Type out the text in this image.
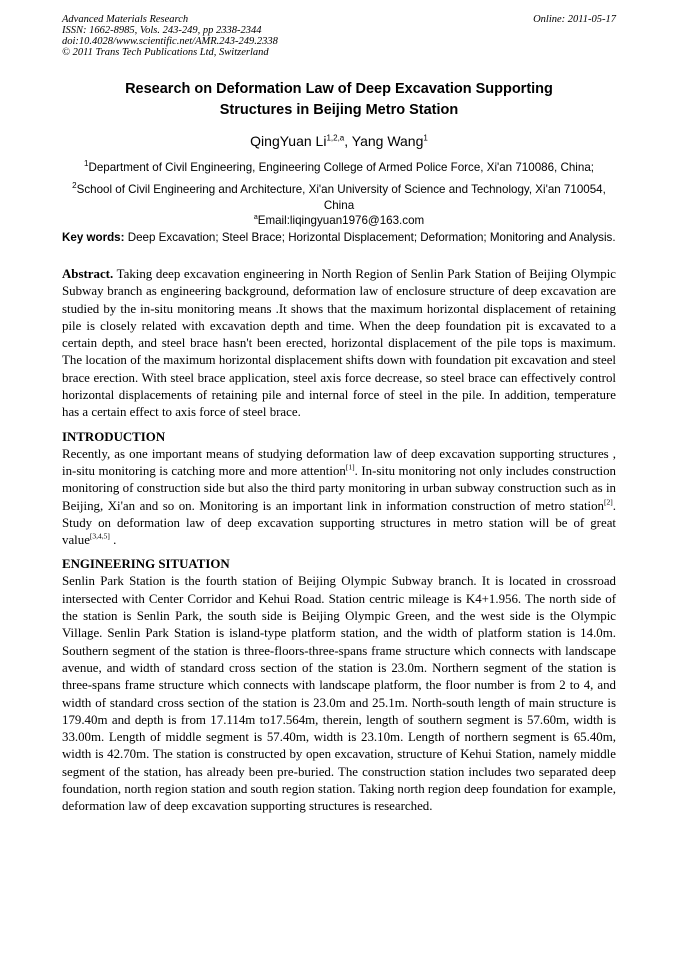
Advanced Materials Research
ISSN: 1662-8985, Vols. 243-249, pp 2338-2344
doi:10.4028/www.scientific.net/AMR.243-249.2338
© 2011 Trans Tech Publications Ltd, Switzerland
Online: 2011-05-17
Research on Deformation Law of Deep Excavation Supporting
Structures in Beijing Metro Station
QingYuan Li$^{1,2,a}$, Yang Wang$^1$
$^1$Department of Civil Engineering, Engineering College of Armed Police Force, Xi'an 710086, China;
$^2$School of Civil Engineering and Architecture, Xi'an University of Science and Technology, Xi'an 710054, China
$^a$Email:liqingyuan1976@163.com
Key words: Deep Excavation; Steel Brace; Horizontal Displacement; Deformation; Monitoring and Analysis.
Abstract. Taking deep excavation engineering in North Region of Senlin Park Station of Beijing Olympic Subway branch as engineering background, deformation law of enclosure structure of deep excavation are studied by the in-situ monitoring means .It shows that the maximum horizontal displacement of retaining pile is closely related with excavation depth and time. When the deep foundation pit is excavated to a certain depth, and steel brace hasn't been erected, horizontal displacement of the pile tops is maximum. The location of the maximum horizontal displacement shifts down with foundation pit excavation and steel brace erection. With steel brace application, steel axis force decrease, so steel brace can effectively control horizontal displacements of retaining pile and internal force of steel in the pile. In addition, temperature has a certain effect to axis force of steel brace.
INTRODUCTION
Recently, as one important means of studying deformation law of deep excavation supporting structures , in-situ monitoring is catching more and more attention[1]. In-situ monitoring not only includes construction monitoring of construction side but also the third party monitoring in urban subway construction such as in Beijing, Xi'an and so on. Monitoring is an important link in information construction of metro station[2]. Study on deformation law of deep excavation supporting structures in metro station will be of great value[3,4,5] .
ENGINEERING SITUATION
Senlin Park Station is the fourth station of Beijing Olympic Subway branch. It is located in crossroad intersected with Center Corridor and Kehui Road. Station centric mileage is K4+1.956. The north side of the station is Senlin Park, the south side is Beijing Olympic Green, and the west side is the Olympic Village. Senlin Park Station is island-type platform station, and the width of platform station is 14.0m. Southern segment of the station is three-floors-three-spans frame structure which connects with landscape avenue, and width of standard cross section of the station is 23.0m. Northern segment of the station is three-spans frame structure which connects with landscape platform, the floor number is from 2 to 4, and width of standard cross section of the station is 23.0m and 25.1m. North-south length of main structure is 179.40m and depth is from 17.114m to17.564m, therein, length of southern segment is 57.60m, width is 33.00m. Length of middle segment is 57.40m, width is 23.10m. Length of northern segment is 65.40m, width is 42.70m. The station is constructed by open excavation, structure of Kehui Station, namely middle segment of the station, has already been pre-buried. The construction station includes two separated deep foundation, north region station and south region station. Taking north region deep foundation for example, deformation law of deep excavation supporting structures is researched.
